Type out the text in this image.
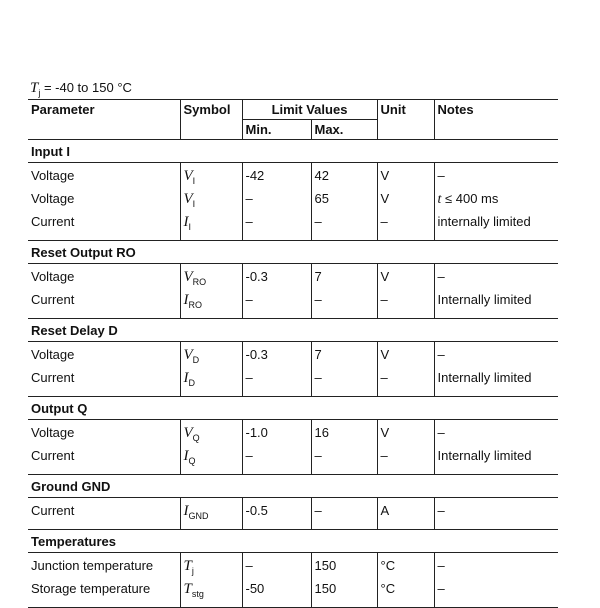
$T_j = -40$ to 150 °C
Parameter	Symbol	Limit Values		Unit	Notes
		Min.	Max.		
Input I					
Voltage	$V_I$	-42	42	V	–
Voltage	$V_I$	–	65	V	t ≤ 400 ms
Current	$I_I$	–	–	–	internally limited
Reset Output RO					
Voltage	$V_{RO}$	-0.3	7	V	–
Current	$I_{RO}$	–	–	–	Internally limited
Reset Delay D					
Voltage	$V_D$	-0.3	7	V	–
Current	$I_D$	–	–	–	Internally limited
Output Q					
Voltage	$V_Q$	-1.0	16	V	–
Current	$I_Q$	–	–	–	Internally limited
Ground GND					
Current	$I_{GND}$	-0.5	–	A	–
Temperatures					
Junction temperature	$T_j$	–	150	°C	–
Storage temperature	$T_{stg}$	-50	150	°C	–
